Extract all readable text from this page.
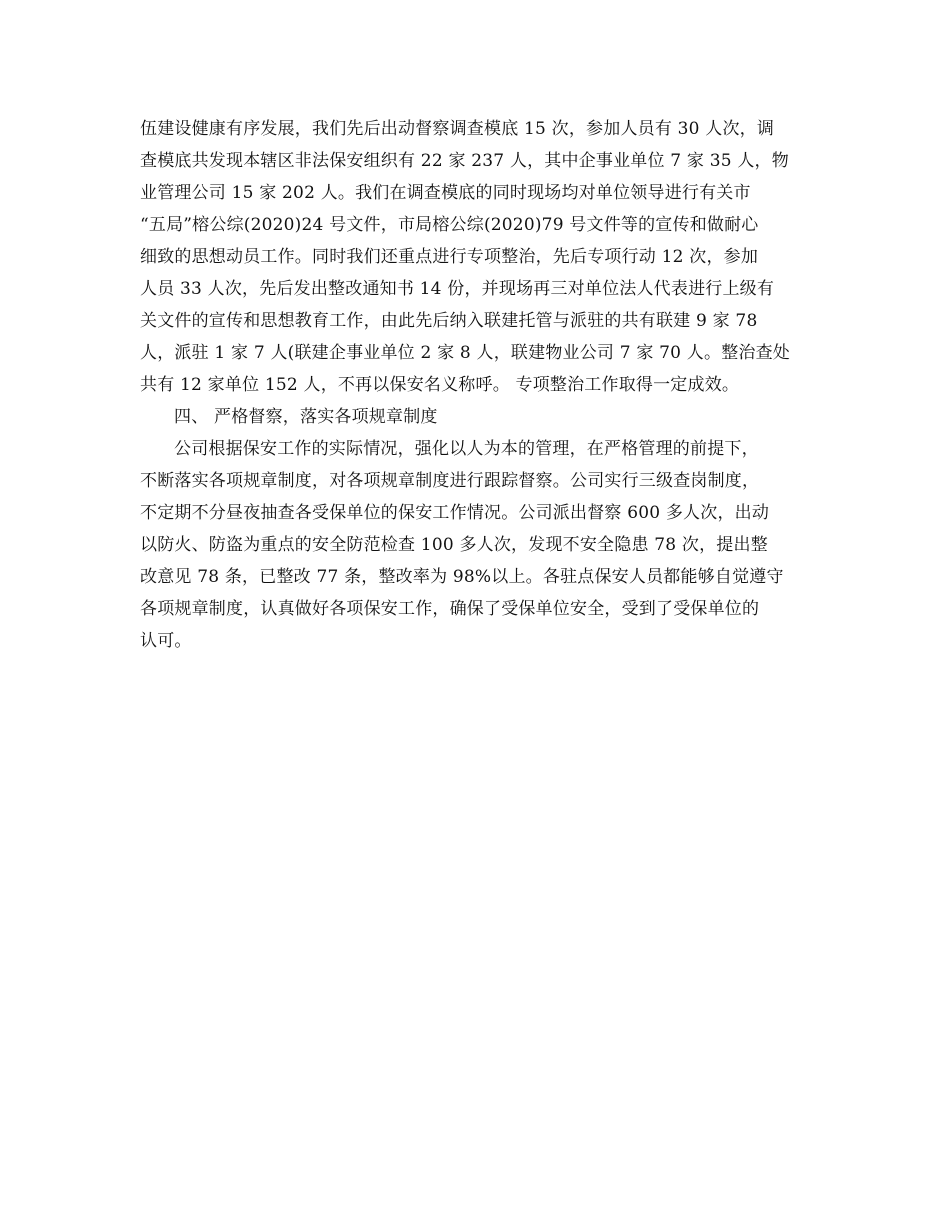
伍建设健康有序发展，我们先后出动督察调查模底 15 次，参加人员有 30 人次，调
查模底共发现本辖区非法保安组织有 22 家 237 人，其中企事业单位 7 家 35 人，物
业管理公司 15 家 202 人。我们在调查模底的同时现场均对单位领导进行有关市
“五局”榕公综(2020)24 号文件，市局榕公综(2020)79 号文件等的宣传和做耐心
细致的思想动员工作。同时我们还重点进行专项整治，先后专项行动 12 次，参加
人员 33 人次，先后发出整改通知书 14 份，并现场再三对单位法人代表进行上级有
关文件的宣传和思想教育工作，由此先后纳入联建托管与派驻的共有联建 9 家 78
人，派驻 1 家 7 人(联建企事业单位 2 家 8 人，联建物业公司 7 家 70 人。整治查处
共有 12 家单位 152 人，不再以保安名义称呼。 专项整治工作取得一定成效。
四、 严格督察，落实各项规章制度
公司根据保安工作的实际情况，强化以人为本的管理，在严格管理的前提下，
不断落实各项规章制度，对各项规章制度进行跟踪督察。公司实行三级查岗制度，
不定期不分昼夜抽查各受保单位的保安工作情况。公司派出督察 600 多人次，出动
以防火、防盗为重点的安全防范检查 100 多人次，发现不安全隐患 78 次，提出整
改意见 78 条，已整改 77 条，整改率为 98%以上。各驻点保安人员都能够自觉遵守
各项规章制度，认真做好各项保安工作，确保了受保单位安全，受到了受保单位的
认可。
